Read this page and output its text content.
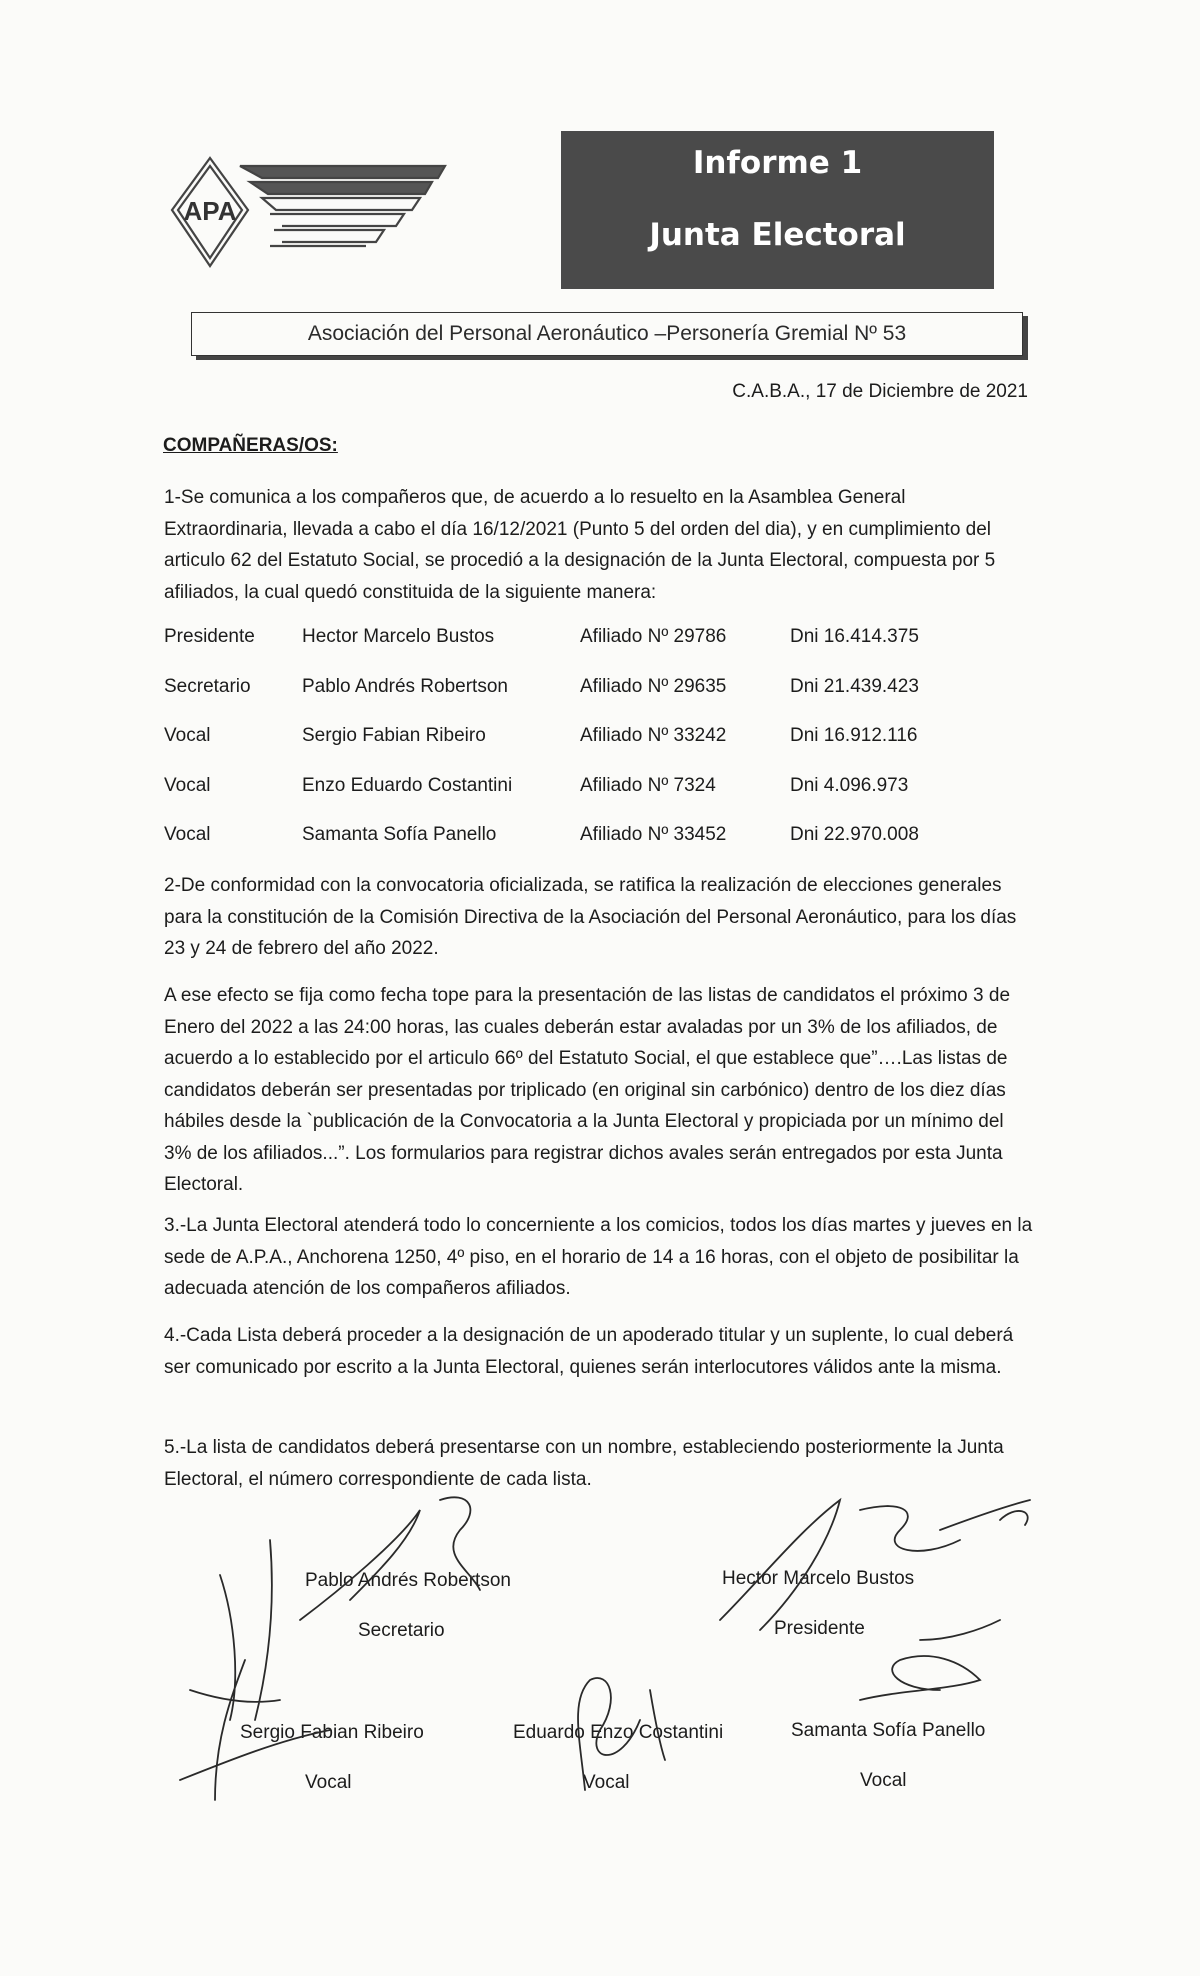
APA
Informe 1
Junta Electoral
Asociación del Personal Aeronáutico –Personería Gremial Nº 53
C.A.B.A., 17 de Diciembre de 2021
COMPAÑERAS/OS:
1-Se comunica a los compañeros que, de acuerdo a lo resuelto en la Asamblea General Extraordinaria, llevada a cabo el día 16/12/2021 (Punto 5 del orden del dia), y en cumplimiento del articulo 62 del Estatuto Social, se procedió a la designación de la Junta Electoral, compuesta por 5 afiliados, la cual quedó constituida de la siguiente manera:
Presidente Hector Marcelo Bustos	Afiliado Nº 29786	Dni 16.414.375
Secretario	Pablo Andrés Robertson	Afiliado Nº 29635	Dni 21.439.423
Vocal	Sergio Fabian Ribeiro	Afiliado Nº 33242	Dni 16.912.116
Vocal	Enzo Eduardo Costantini	Afiliado Nº 7324	Dni 4.096.973
Vocal	Samanta Sofía Panello	Afiliado Nº 33452	Dni 22.970.008
2-De conformidad con la convocatoria oficializada, se ratifica la realización de elecciones generales para la constitución de la Comisión Directiva de la Asociación del Personal Aeronáutico, para los días 23 y 24 de febrero del año 2022.
A ese efecto se fija como fecha tope para la presentación de las listas de candidatos el próximo 3 de Enero del 2022 a las 24:00 horas, las cuales deberán estar avaladas por un 3% de los afiliados, de acuerdo a lo establecido por el articulo 66º del Estatuto Social, el que establece que”….Las listas de candidatos deberán ser presentadas por triplicado (en original sin carbónico) dentro de los diez días hábiles desde la `publicación de la Convocatoria a la Junta Electoral y propiciada por un mínimo del 3% de los afiliados...”. Los formularios para registrar dichos avales serán entregados por esta Junta Electoral.
3.-La Junta Electoral atenderá todo lo concerniente a los comicios, todos los días martes y jueves en la sede de A.P.A., Anchorena 1250, 4º piso, en el horario de 14 a 16 horas, con el objeto de posibilitar la adecuada atención de los compañeros afiliados.
4.-Cada Lista deberá proceder a la designación de un apoderado titular y un suplente, lo cual deberá ser comunicado por escrito a la Junta Electoral, quienes serán interlocutores válidos ante la misma.
5.-La lista de candidatos deberá presentarse con un nombre, estableciendo posteriormente la Junta Electoral, el número correspondiente de cada lista.
Pablo Andrés Robertson
Secretario
Hector Marcelo Bustos
Presidente
Sergio Fabian Ribeiro
Vocal
Eduardo Enzo Costantini
Vocal
Samanta Sofía Panello
Vocal
